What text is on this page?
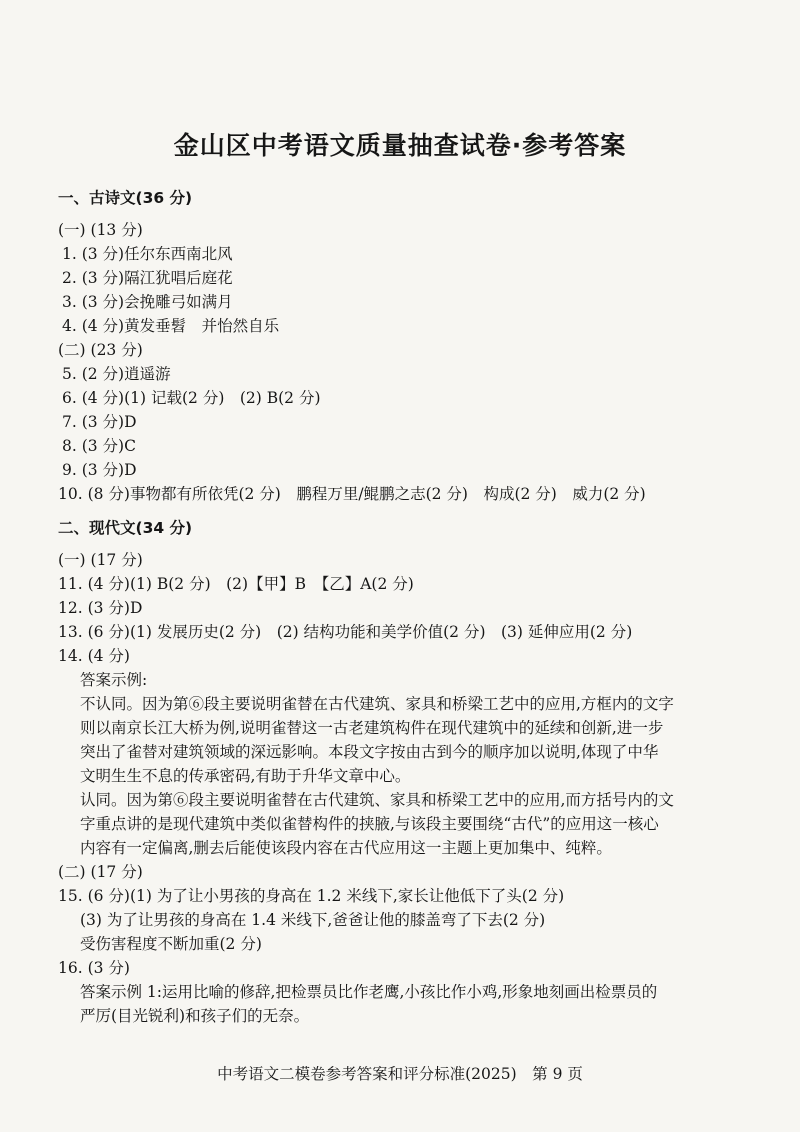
金山区中考语文质量抽查试卷·参考答案
一、古诗文(36 分)
(一) (13 分)
1. (3 分)任尔东西南北风
2. (3 分)隔江犹唱后庭花
3. (3 分)会挽雕弓如满月
4. (4 分)黄发垂髫　并怡然自乐
(二) (23 分)
5. (2 分)逍遥游
6. (4 分)(1) 记载(2 分)　(2) B(2 分)
7. (3 分)D
8. (3 分)C
9. (3 分)D
10. (8 分)事物都有所依凭(2 分)　鹏程万里/鲲鹏之志(2 分)　构成(2 分)　威力(2 分)
二、现代文(34 分)
(一) (17 分)
11. (4 分)(1) B(2 分)　(2)【甲】B　【乙】A(2 分)
12. (3 分)D
13. (6 分)(1) 发展历史(2 分)　(2) 结构功能和美学价值(2 分)　(3) 延伸应用(2 分)
14. (4 分)
答案示例:
不认同。因为第⑥段主要说明雀替在古代建筑、家具和桥梁工艺中的应用,方框内的文字
则以南京长江大桥为例,说明雀替这一古老建筑构件在现代建筑中的延续和创新,进一步
突出了雀替对建筑领域的深远影响。本段文字按由古到今的顺序加以说明,体现了中华
文明生生不息的传承密码,有助于升华文章中心。
认同。因为第⑥段主要说明雀替在古代建筑、家具和桥梁工艺中的应用,而方括号内的文
字重点讲的是现代建筑中类似雀替构件的挟腋,与该段主要围绕“古代”的应用这一核心
内容有一定偏离,删去后能使该段内容在古代应用这一主题上更加集中、纯粹。
(二) (17 分)
15. (6 分)(1) 为了让小男孩的身高在 1.2 米线下,家长让他低下了头(2 分)
(3) 为了让男孩的身高在 1.4 米线下,爸爸让他的膝盖弯了下去(2 分)
受伤害程度不断加重(2 分)
16. (3 分)
答案示例 1:运用比喻的修辞,把检票员比作老鹰,小孩比作小鸡,形象地刻画出检票员的
严厉(目光锐利)和孩子们的无奈。
中考语文二模卷参考答案和评分标准(2025)　第 9 页
